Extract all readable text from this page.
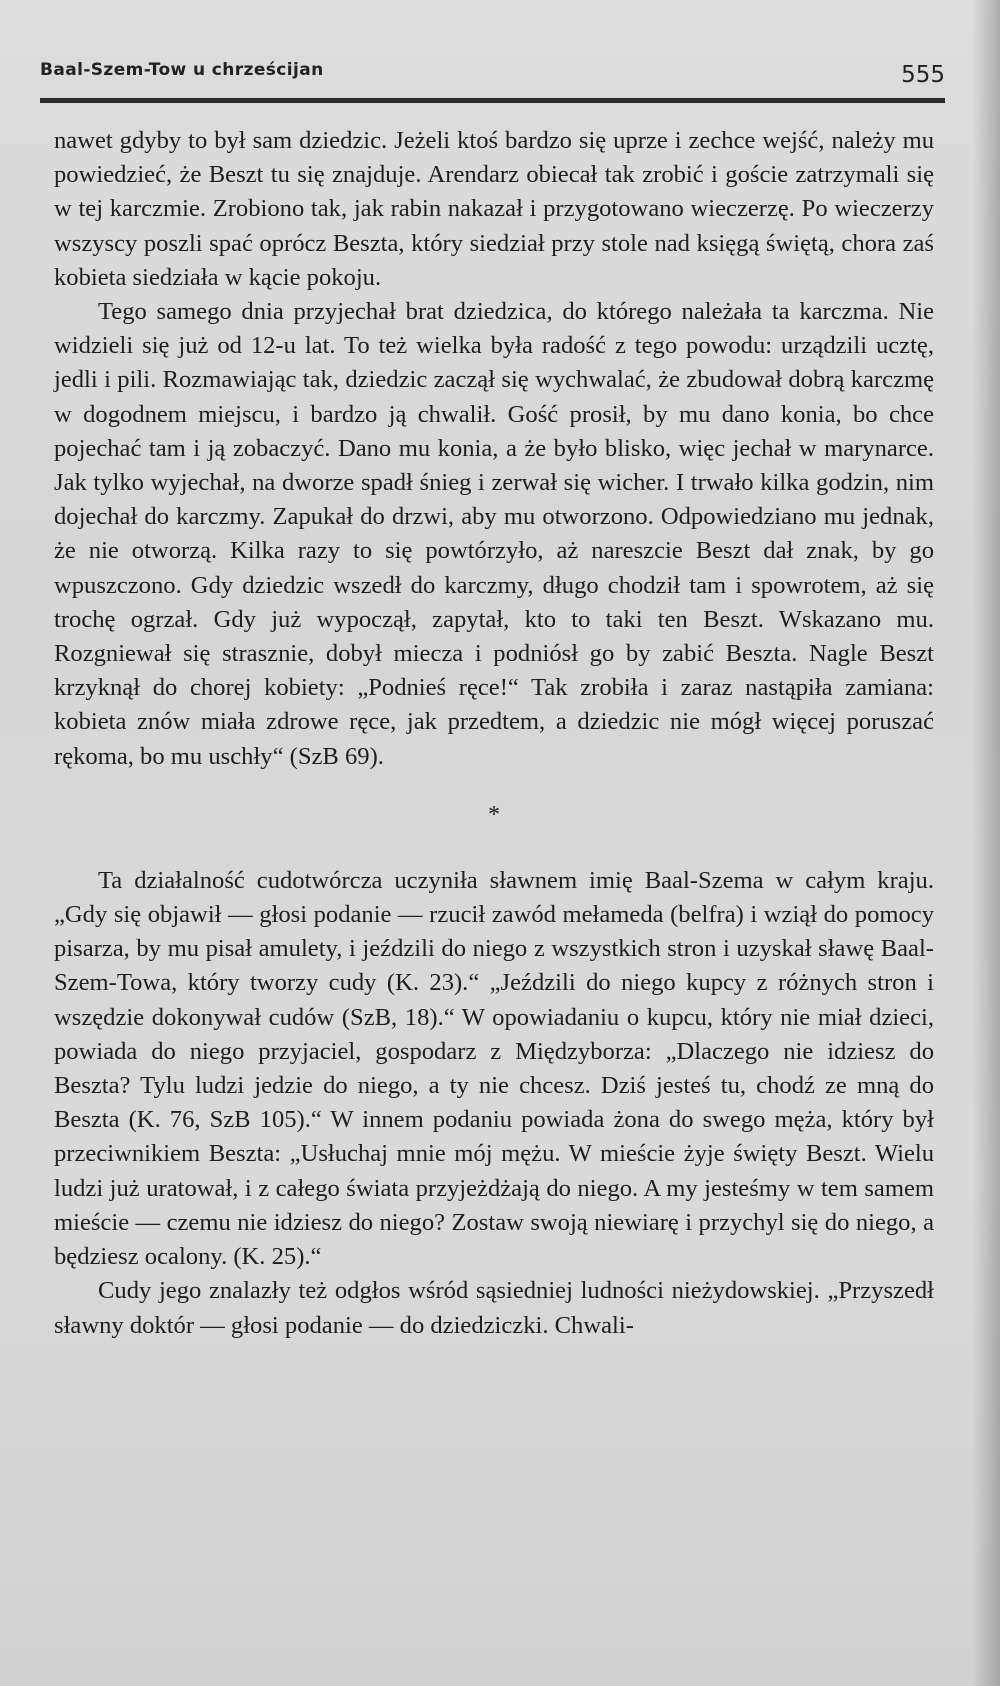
Baal-Szem-Tow u chrześcijan	555

nawet gdyby to był sam dziedzic. Jeżeli ktoś bardzo się uprze i zechce wejść, należy mu powiedzieć, że Beszt tu się znajduje. Arendarz obiecał tak zrobić i goście zatrzymali się w tej karczmie. Zrobiono tak, jak rabin nakazał i przygotowano wieczerzę. Po wieczerzy wszyscy poszli spać oprócz Beszta, który siedział przy stole nad księgą świętą, chora zaś kobieta siedziała w kącie pokoju.

Tego samego dnia przyjechał brat dziedzica, do którego należała ta karczma. Nie widzieli się już od 12-u lat. To też wielka była radość z tego powodu: urządzili ucztę, jedli i pili. Rozmawiając tak, dziedzic zaczął się wychwalać, że zbudował dobrą karczmę w dogodnem miejscu, i bardzo ją chwalił. Gość prosił, by mu dano konia, bo chce pojechać tam i ją zobaczyć. Dano mu konia, a że było blisko, więc jechał w marynarce. Jak tylko wyjechał, na dworze spadł śnieg i zerwał się wicher. I trwało kilka godzin, nim dojechał do karczmy. Zapukał do drzwi, aby mu otworzono. Odpowiedziano mu jednak, że nie otworzą. Kilka razy to się powtórzyło, aż nareszcie Beszt dał znak, by go wpuszczono. Gdy dziedzic wszedł do karczmy, długo chodził tam i spowrotem, aż się trochę ogrzał. Gdy już wypoczął, zapytał, kto to taki ten Beszt. Wskazano mu. Rozgniewał się strasznie, dobył miecza i podniósł go by zabić Beszta. Nagle Beszt krzyknął do chorej kobiety: „Podnieś ręce!“ Tak zrobiła i zaraz nastąpiła zamiana: kobieta znów miała zdrowe ręce, jak przedtem, a dziedzic nie mógł więcej poruszać rękoma, bo mu uschły“ (SzB 69).

*

Ta działalność cudotwórcza uczyniła sławnem imię Baal-Szema w całym kraju. „Gdy się objawił — głosi podanie — rzucił zawód mełameda (belfra) i wziął do pomocy pisarza, by mu pisał amulety, i jeździli do niego z wszystkich stron i uzyskał sławę Baal-Szem-Towa, który tworzy cudy (K. 23).“ „Jeździli do niego kupcy z różnych stron i wszędzie dokonywał cudów (SzB, 18).“ W opowiadaniu o kupcu, który nie miał dzieci, powiada do niego przyjaciel, gospodarz z Międzyborza: „Dlaczego nie idziesz do Beszta? Tylu ludzi jedzie do niego, a ty nie chcesz. Dziś jesteś tu, chodź ze mną do Beszta (K. 76, SzB 105).“ W innem podaniu powiada żona do swego męża, który był przeciwnikiem Beszta: „Usłuchaj mnie mój mężu. W mieście żyje święty Beszt. Wielu ludzi już uratował, i z całego świata przyjeżdżają do niego. A my jesteśmy w tem samem mieście — czemu nie idziesz do niego? Zostaw swoją niewiarę i przychyl się do niego, a będziesz ocalony. (K. 25).“

Cudy jego znalazły też odgłos wśród sąsiedniej ludności nieżydowskiej. „Przyszedł sławny doktór — głosi podanie — do dziedziczki. Chwali-
